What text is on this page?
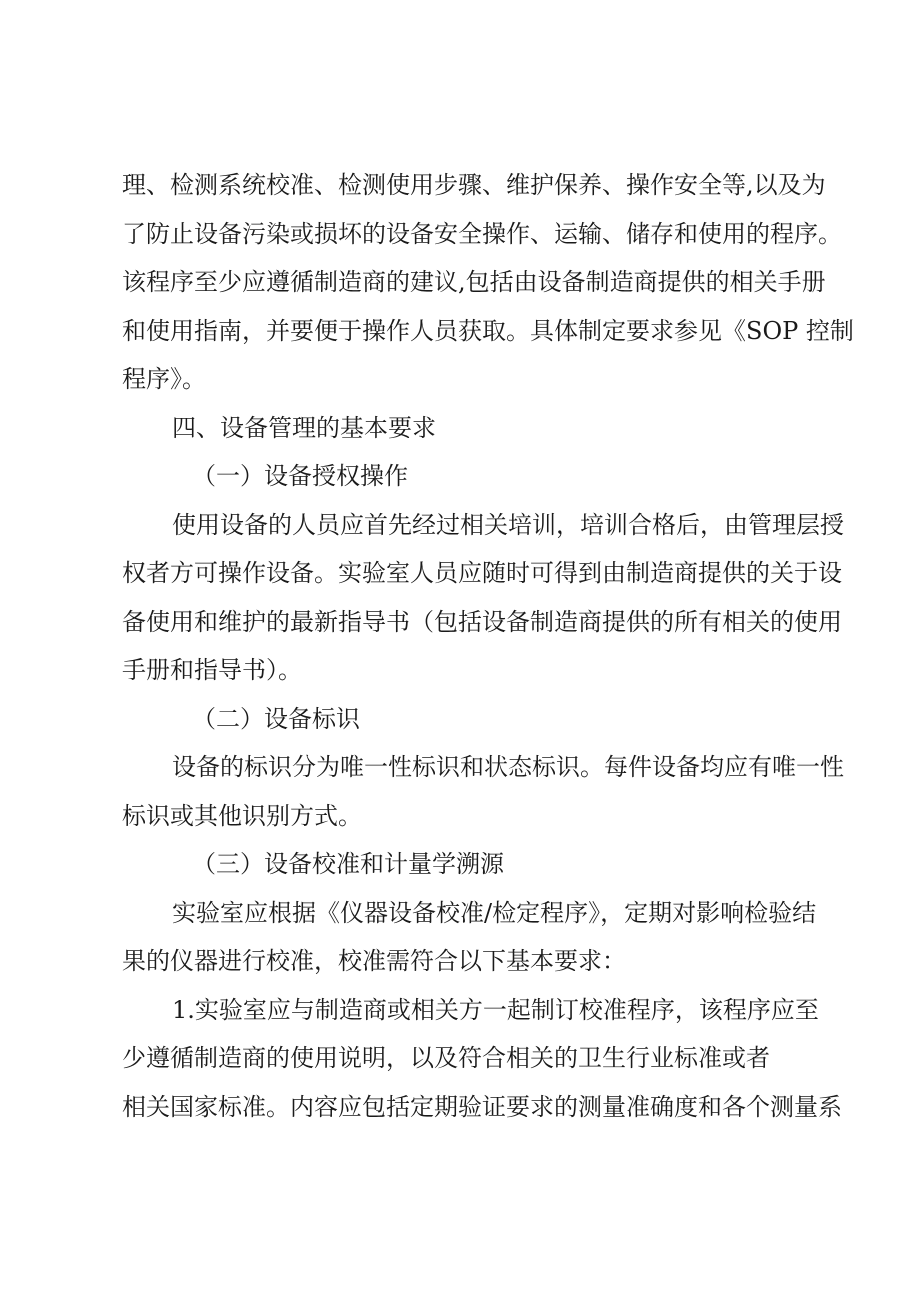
理、检测系统校准、检测使用步骤、维护保养、操作安全等,以及为
了防止设备污染或损坏的设备安全操作、运输、储存和使用的程序。
该程序至少应遵循制造商的建议,包括由设备制造商提供的相关手册
和使用指南，并要便于操作人员获取。具体制定要求参见《SOP 控制
程序》。
四、设备管理的基本要求
（一）设备授权操作
使用设备的人员应首先经过相关培训，培训合格后，由管理层授
权者方可操作设备。实验室人员应随时可得到由制造商提供的关于设
备使用和维护的最新指导书（包括设备制造商提供的所有相关的使用
手册和指导书）。
（二）设备标识
设备的标识分为唯一性标识和状态标识。每件设备均应有唯一性
标识或其他识别方式。
（三）设备校准和计量学溯源
实验室应根据《仪器设备校准/检定程序》，定期对影响检验结
果的仪器进行校准，校准需符合以下基本要求：
1.实验室应与制造商或相关方一起制订校准程序，该程序应至
少遵循制造商的使用说明，以及符合相关的卫生行业标准或者
相关国家标准。内容应包括定期验证要求的测量准确度和各个测量系
